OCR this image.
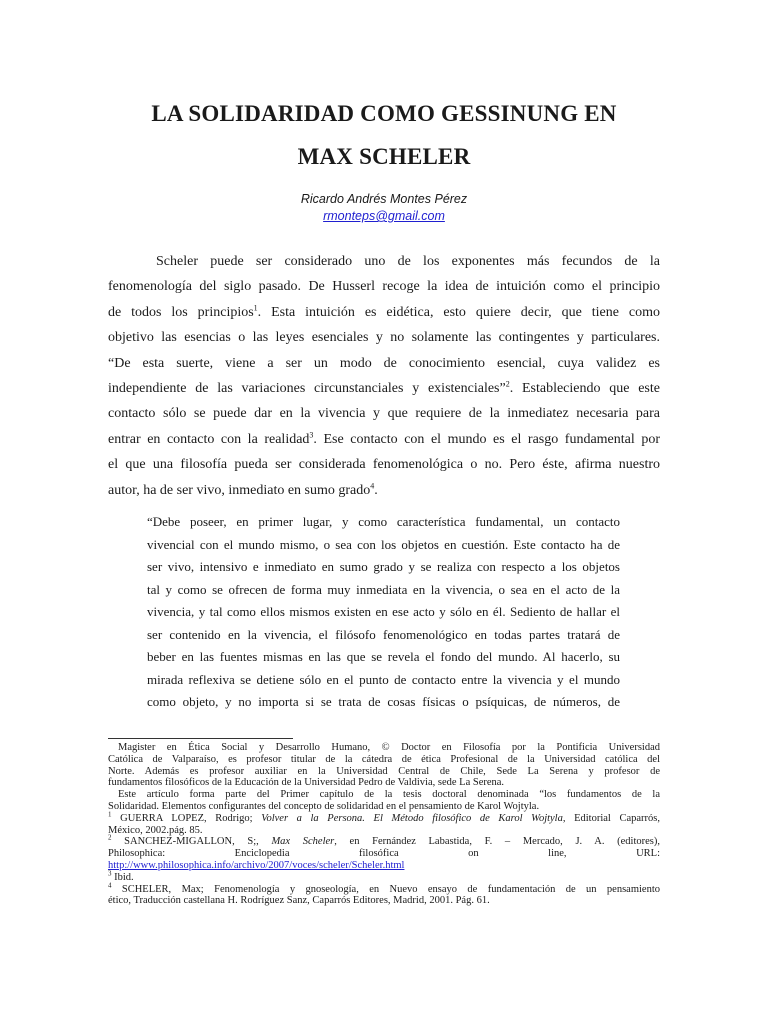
LA SOLIDARIDAD COMO GESSINUNG EN
MAX SCHELER
Ricardo Andrés Montes Pérez
rmonteps@gmail.com

Scheler puede ser considerado uno de los exponentes más fecundos de la
fenomenología del siglo pasado. De Husserl recoge la idea de intuición como el principio
de todos los principios$^1$. Esta intuición es eidética, esto quiere decir, que tiene como
objetivo las esencias o las leyes esenciales y no solamente las contingentes y particulares.
“De esta suerte, viene a ser un modo de conocimiento esencial, cuya validez es
independiente de las variaciones circunstanciales y existenciales”$^2$. Estableciendo que este
contacto sólo se puede dar en la vivencia y que requiere de la inmediatez necesaria para
entrar en contacto con la realidad$^3$. Ese contacto con el mundo es el rasgo fundamental por
el que una filosofía pueda ser considerada fenomenológica o no. Pero éste, afirma nuestro
autor, ha de ser vivo, inmediato en sumo grado$^4$.

“Debe poseer, en primer lugar, y como característica fundamental, un contacto
vivencial con el mundo mismo, o sea con los objetos en cuestión. Este contacto ha de
ser vivo, intensivo e inmediato en sumo grado y se realiza con respecto a los objetos
tal y como se ofrecen de forma muy inmediata en la vivencia, o sea en el acto de la
vivencia, y tal como ellos mismos existen en ese acto y sólo en él. Sediento de hallar el
ser contenido en la vivencia, el filósofo fenomenológico en todas partes tratará de
beber en las fuentes mismas en las que se revela el fondo del mundo. Al hacerlo, su
mirada reflexiva se detiene sólo en el punto de contacto entre la vivencia y el mundo
como objeto, y no importa si se trata de cosas físicas o psíquicas, de números, de
Magister en Ética Social y Desarrollo Humano, © Doctor en Filosofía por la Pontificia Universidad
Católica de Valparaíso, es profesor titular de la cátedra de ética Profesional de la Universidad católica del
Norte. Además es profesor auxiliar en la Universidad Central de Chile, Sede La Serena y profesor de
fundamentos filosóficos de la Educación de la Universidad Pedro de Valdivia, sede La Serena.
Este artículo forma parte del Primer capítulo de la tesis doctoral denominada “los fundamentos de la
Solidaridad. Elementos configurantes del concepto de solidaridad en el pensamiento de Karol Wojtyla.
$^1$ GUERRA LOPEZ, Rodrigo; Volver a la Persona. El Método filosófico de Karol Wojtyla, Editorial Caparrós,
México, 2002.pág. 85.
$^2$ SANCHEZ-MIGALLON, S;, Max Scheler, en Fernández Labastida, F. – Mercado, J. A. (editores),
Philosophica: Enciclopedia filosófica on line, URL:
http://www.philosophica.info/archivo/2007/voces/scheler/Scheler.html
$^3$ Ibid.
$^4$ SCHELER, Max; Fenomenología y gnoseología, en Nuevo ensayo de fundamentación de un pensamiento
ético, Traducción castellana H. Rodríguez Sanz, Caparrós Editores, Madrid, 2001. Pág. 61.
